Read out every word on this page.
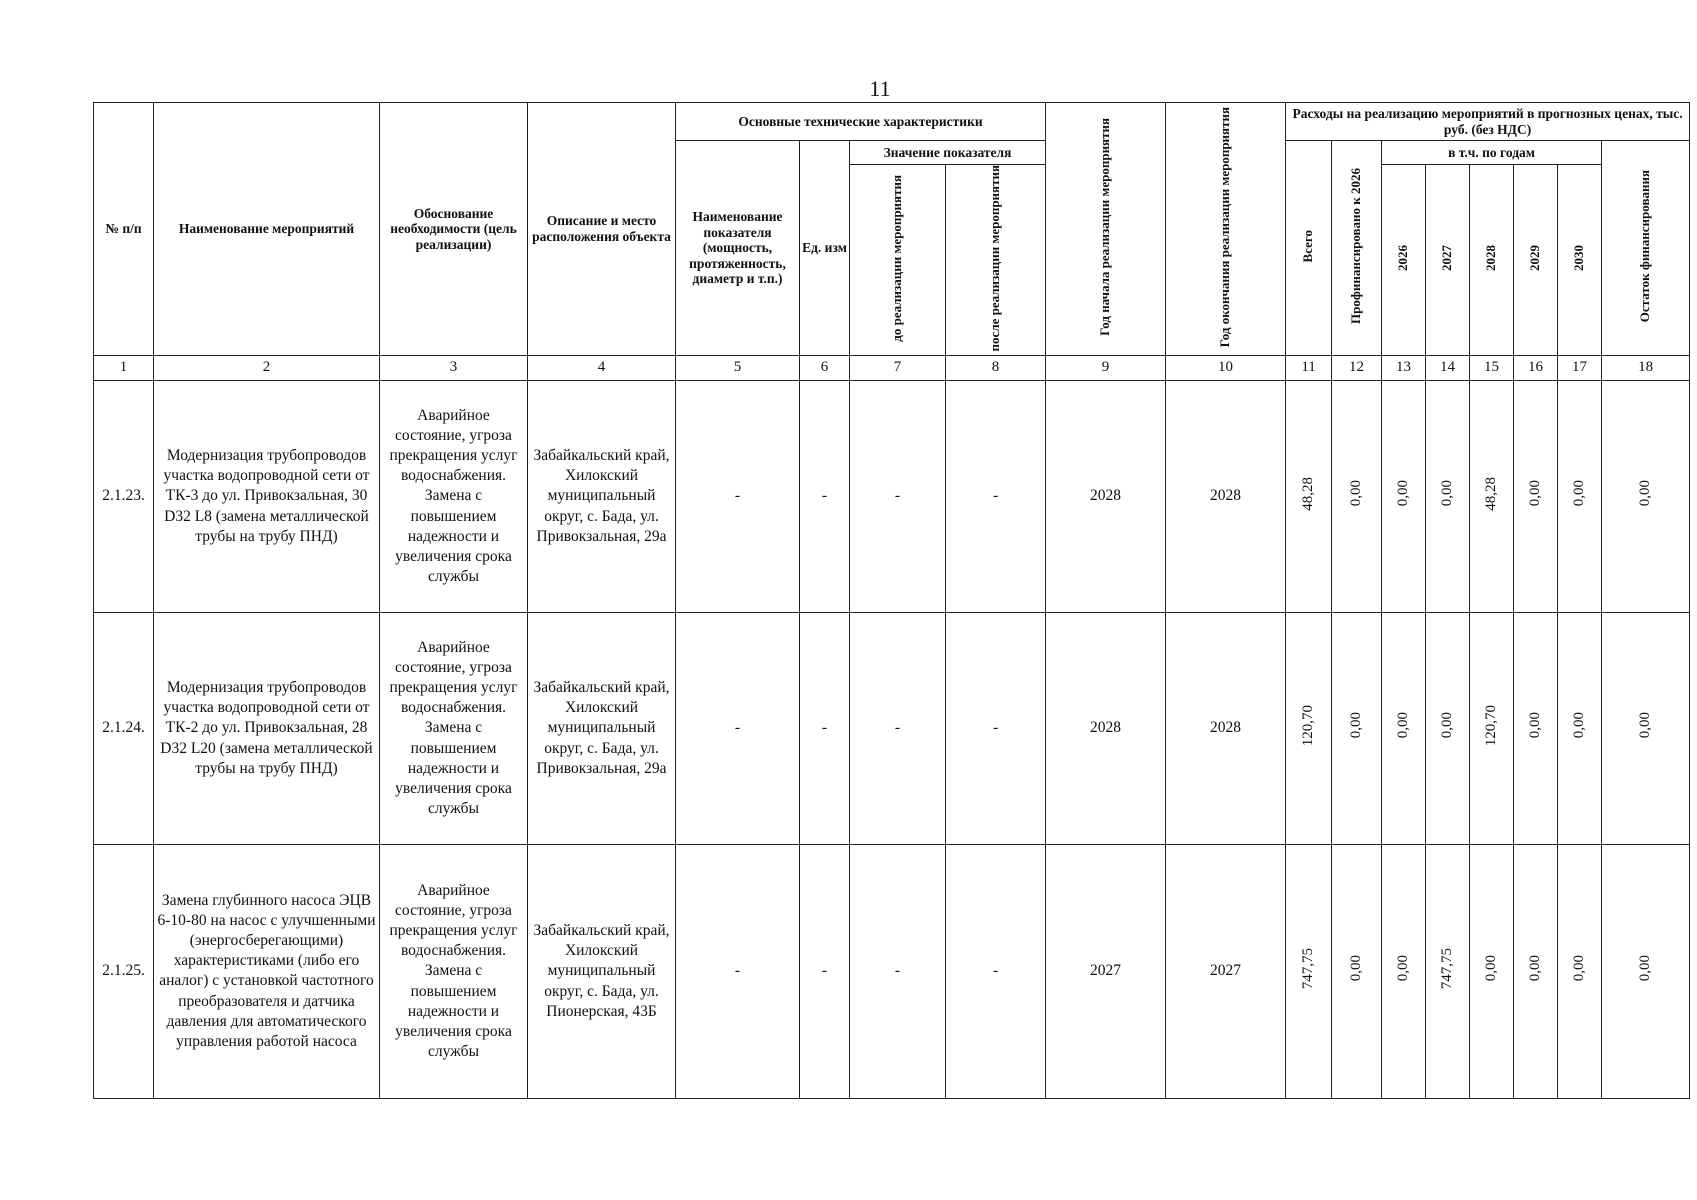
11
№ п/п	Наименование мероприятий	Обоснование необходимости (цель реализации)	Описание и место расположения объекта	Основные технические характеристики				Год начала реализации мероприятия	Год окончания реализации мероприятия	Расходы на реализацию мероприятий в прогнозных ценах, тыс. руб. (без НДС)							
				Наименование показателя (мощность, протяженность, диаметр и т.п.)	Ед. изм	Значение показателя				Всего	Профинансировано к 2026	в т.ч. по годам					Остаток финансирования
						до реализации мероприятия	после реализации мероприятия					2026	2027	2028	2029	2030	
1	2	3	4	5	6	7	8	9	10	11	12	13	14	15	16	17	18
2.1.23.	Модернизация трубопроводов участка водопроводной сети от ТК-3 до ул. Привокзальная, 30 D32 L8 (замена металлической трубы на трубу ПНД)	Аварийное состояние, угроза прекращения услуг водоснабжения. Замена с повышением надежности и увеличения срока службы	Забайкальский край, Хилокский муниципальный округ, с. Бада, ул. Привокзальная, 29а	-	-	-	-	2028	2028	48,28	0,00	0,00	0,00	48,28	0,00	0,00	0,00
2.1.24.	Модернизация трубопроводов участка водопроводной сети от ТК-2 до ул. Привокзальная, 28 D32 L20 (замена металлической трубы на трубу ПНД)	Аварийное состояние, угроза прекращения услуг водоснабжения. Замена с повышением надежности и увеличения срока службы	Забайкальский край, Хилокский муниципальный округ, с. Бада, ул. Привокзальная, 29а	-	-	-	-	2028	2028	120,70	0,00	0,00	0,00	120,70	0,00	0,00	0,00
2.1.25.	Замена глубинного насоса ЭЦВ 6-10-80 на насос с улучшенными (энергосберегающими) характеристиками (либо его аналог) с установкой частотного преобразователя и датчика давления для автоматического управления работой насоса	Аварийное состояние, угроза прекращения услуг водоснабжения. Замена с повышением надежности и увеличения срока службы	Забайкальский край, Хилокский муниципальный округ, с. Бада, ул. Пионерская, 43Б	-	-	-	-	2027	2027	747,75	0,00	0,00	747,75	0,00	0,00	0,00	0,00
